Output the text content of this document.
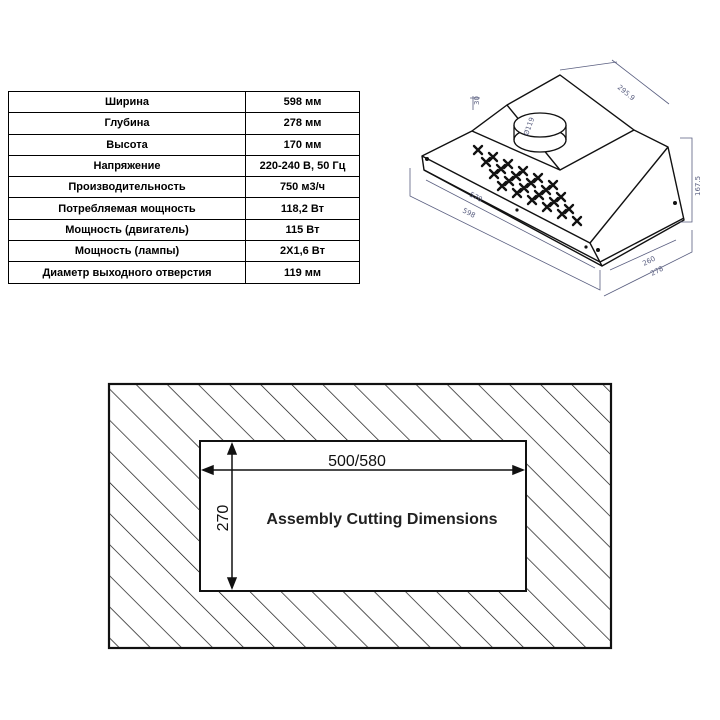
Ширина	598 мм
Глубина	278 мм
Высота	170 мм
Напряжение	220-240 В, 50 Гц
Производительность	750 м3/ч
Потребляемая мощность	118,2 Вт
Мощность (двигатель)	115 Вт
Мощность (лампы)	2Х1,6 Вт
Диаметр выходного отверстия	119 мм
295.9
Ø119
30
167.5
570
598
260
278
500/580
270 Assembly Cutting Dimensions
